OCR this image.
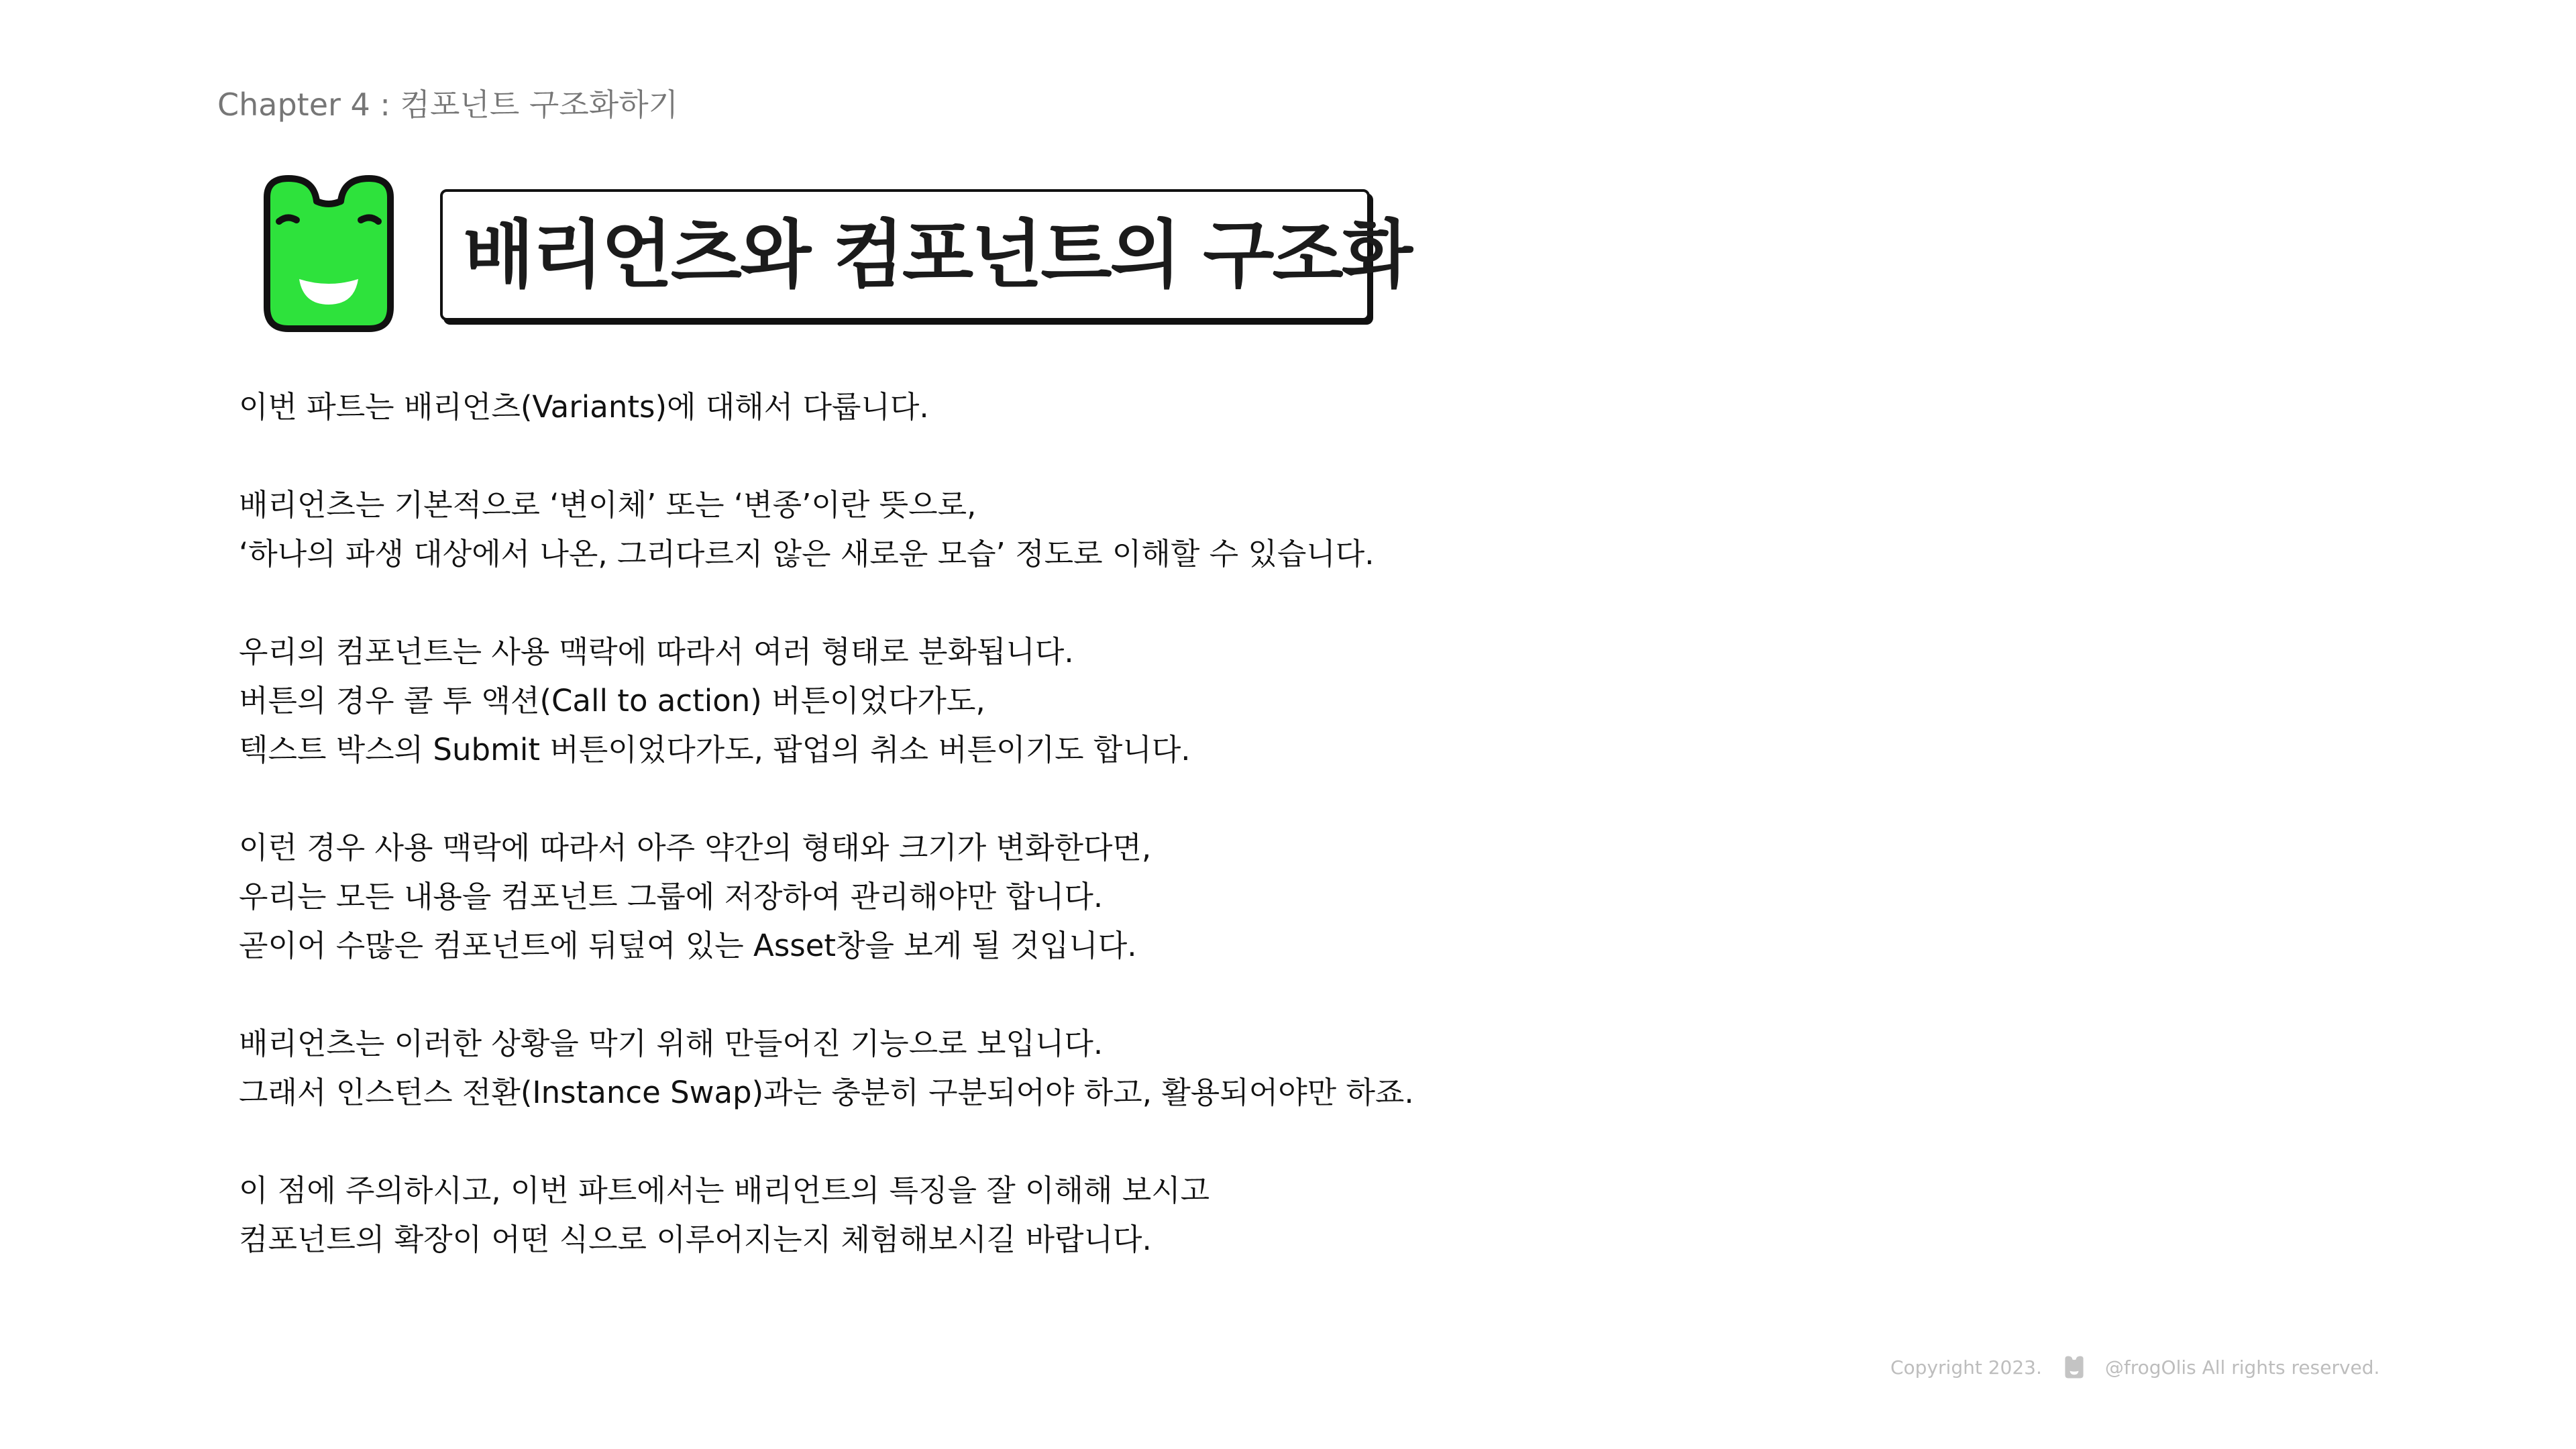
Chapter 4 : 컴포넌트 구조화하기
배리언츠와 컴포넌트의 구조화
이번 파트는 배리언츠(Variants)에 대해서 다룹니다.
배리언츠는 기본적으로 ‘변이체’ 또는 ‘변종’이란 뜻으로,
‘하나의 파생 대상에서 나온, 그리다르지 않은 새로운 모습’ 정도로 이해할 수 있습니다.
우리의 컴포넌트는 사용 맥락에 따라서 여러 형태로 분화됩니다.
버튼의 경우 콜 투 액션(Call to action) 버튼이었다가도,
텍스트 박스의 Submit 버튼이었다가도, 팝업의 취소 버튼이기도 합니다.
이런 경우 사용 맥락에 따라서 아주 약간의 형태와 크기가 변화한다면,
우리는 모든 내용을 컴포넌트 그룹에 저장하여 관리해야만 합니다.
곧이어 수많은 컴포넌트에 뒤덮여 있는 Asset창을 보게 될 것입니다.
배리언츠는 이러한 상황을 막기 위해 만들어진 기능으로 보입니다.
그래서 인스턴스 전환(Instance Swap)과는 충분히 구분되어야 하고, 활용되어야만 하죠.
이 점에 주의하시고, 이번 파트에서는 배리언트의 특징을 잘 이해해 보시고
컴포넌트의 확장이 어떤 식으로 이루어지는지 체험해보시길 바랍니다.
Copyright 2023.	@frogOlis All rights reserved.
